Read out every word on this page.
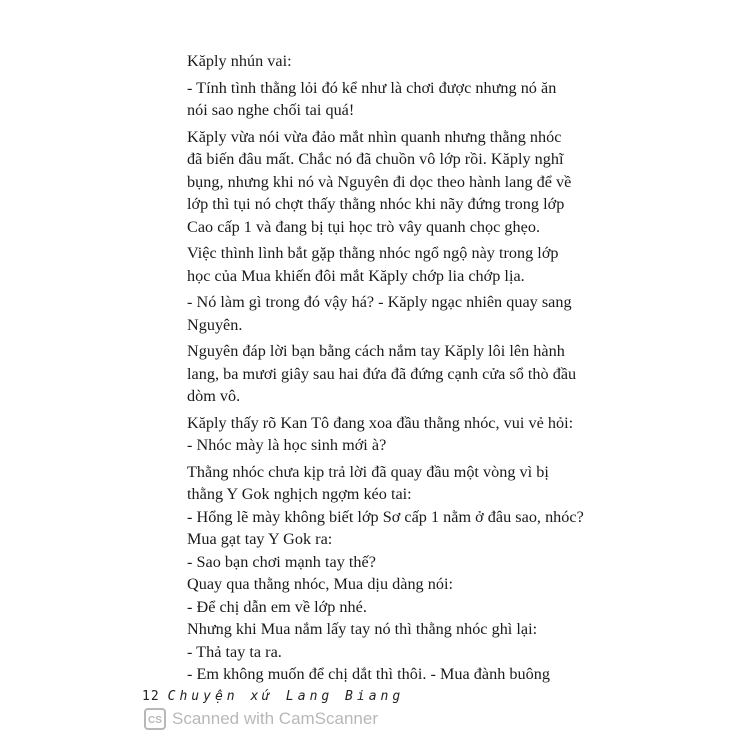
Kăply nhún vai:

- Tính tình thằng lỏi đó kể như là chơi được nhưng nó ăn

nói sao nghe chối tai quá!

Kăply vừa nói vừa đảo mắt nhìn quanh nhưng thằng nhóc

đã biến đâu mất. Chắc nó đã chuồn vô lớp rồi. Kăply nghĩ

bụng, nhưng khi nó và Nguyên đi dọc theo hành lang để về

lớp thì tụi nó chợt thấy thằng nhóc khi nãy đứng trong lớp

Cao cấp 1 và đang bị tụi học trò vây quanh chọc ghẹo.

Việc thình lình bắt gặp thằng nhóc ngổ ngộ này trong lớp

học của Mua khiến đôi mắt Kăply chớp lia chớp lịa.

- Nó làm gì trong đó vậy há? - Kăply ngạc nhiên quay sang

Nguyên.

Nguyên đáp lời bạn bằng cách nắm tay Kăply lôi lên hành

lang, ba mươi giây sau hai đứa đã đứng cạnh cửa sổ thò đầu

dòm vô.

Kăply thấy rõ Kan Tô đang xoa đầu thằng nhóc, vui vẻ hỏi:

- Nhóc mày là học sinh mới à?

Thằng nhóc chưa kịp trả lời đã quay đầu một vòng vì bị

thằng Y Gok nghịch ngợm kéo tai:

- Hổng lẽ mày không biết lớp Sơ cấp 1 nằm ở đâu sao, nhóc?

Mua gạt tay Y Gok ra:

- Sao bạn chơi mạnh tay thế?

Quay qua thằng nhóc, Mua dịu dàng nói:

- Để chị dẫn em về lớp nhé.

Nhưng khi Mua nắm lấy tay nó thì thằng nhóc ghì lại:

- Thả tay ta ra.

- Em không muốn để chị dắt thì thôi. - Mua đành buông

12 Chuyện xứ Lang Biang
CS Scanned with CamScanner
